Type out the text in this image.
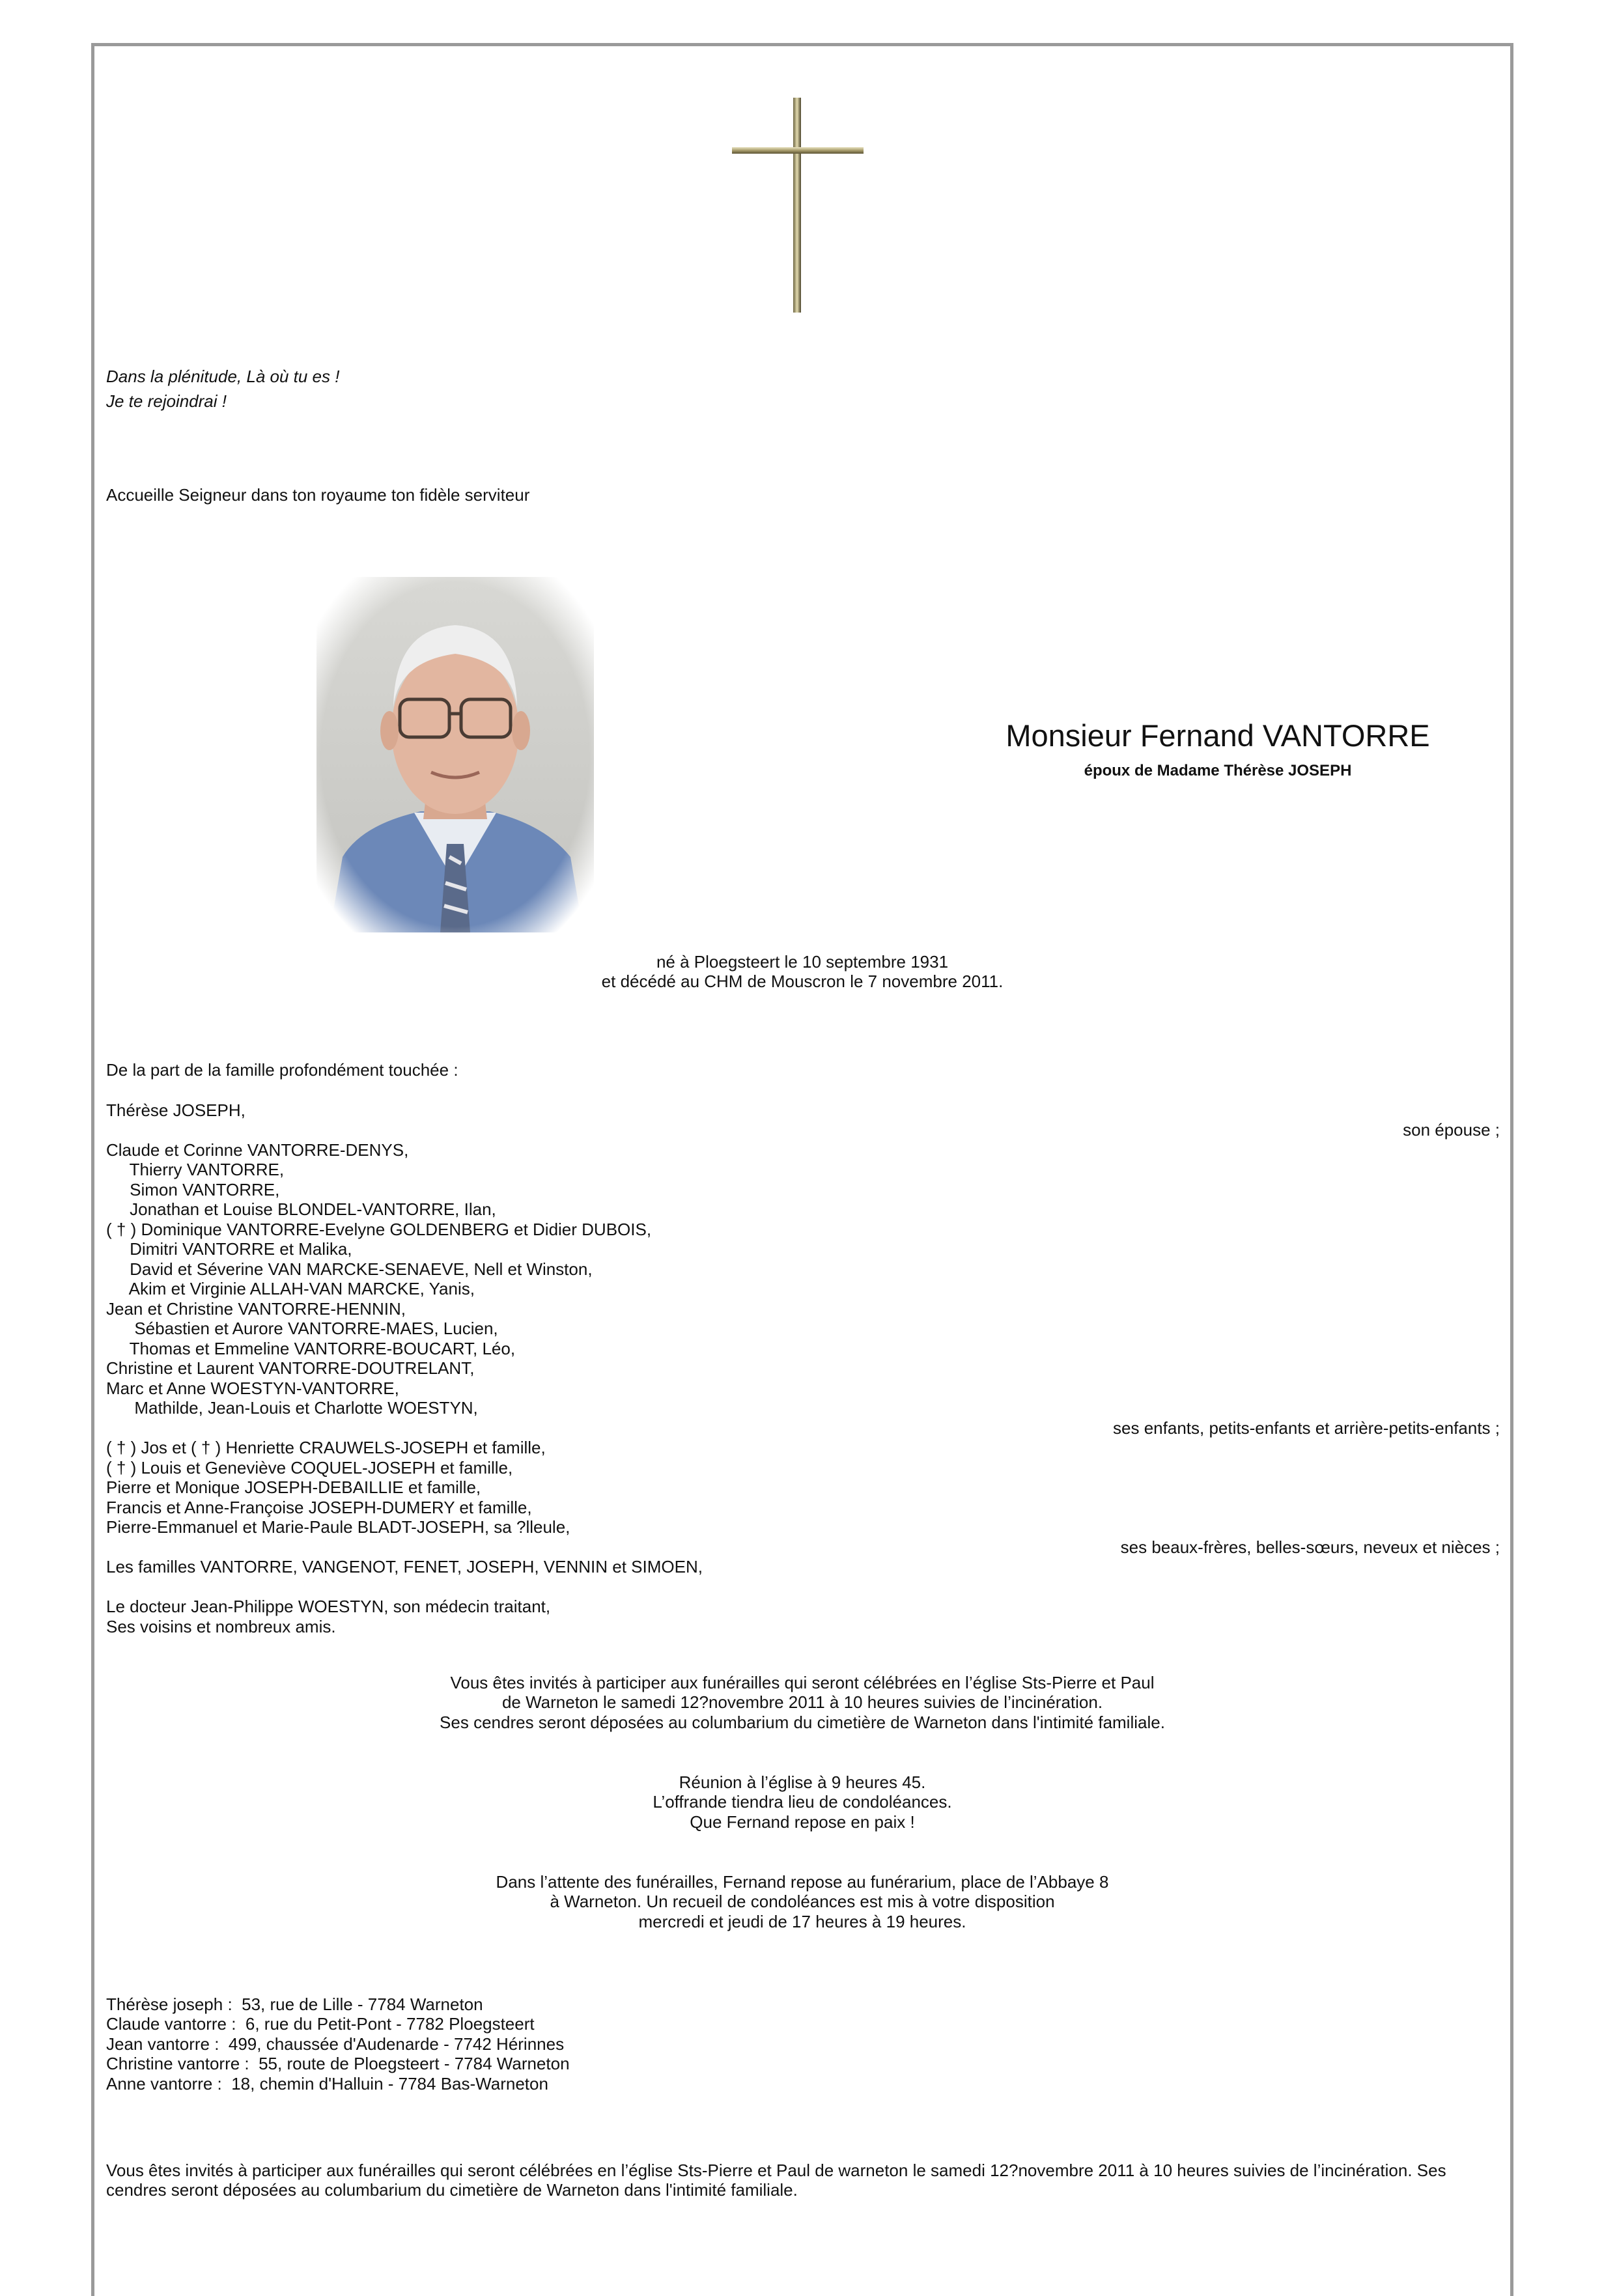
Dans la plénitude, Là où tu es !
Je te rejoindrai !
Accueille Seigneur dans ton royaume ton fidèle serviteur
Monsieur Fernand VANTORRE
époux de Madame Thérèse JOSEPH
né à Ploegsteert le 10 septembre 1931
et décédé au CHM de Mouscron le 7 novembre 2011.
De la part de la famille profondément touchée :
Thérèse JOSEPH,
son épouse ;
Claude et Corinne VANTORRE-DENYS,
Thierry VANTORRE,
Simon VANTORRE,
Jonathan et Louise BLONDEL-VANTORRE, Ilan,
( † ) Dominique VANTORRE-Evelyne GOLDENBERG et Didier DUBOIS,
Dimitri VANTORRE et Malika,
David et Séverine VAN MARCKE-SENAEVE, Nell et Winston,
Akim et Virginie ALLAH-VAN MARCKE, Yanis,
Jean et Christine VANTORRE-HENNIN,
Sébastien et Aurore VANTORRE-MAES, Lucien,
Thomas et Emmeline VANTORRE-BOUCART, Léo,
Christine et Laurent VANTORRE-DOUTRELANT,
Marc et Anne WOESTYN-VANTORRE,
Mathilde, Jean-Louis et Charlotte WOESTYN,
ses enfants, petits-enfants et arrière-petits-enfants ;
( † ) Jos et ( † ) Henriette CRAUWELS-JOSEPH et famille,
( † ) Louis et Geneviève COQUEL-JOSEPH et famille,
Pierre et Monique JOSEPH-DEBAILLIE et famille,
Francis et Anne-Françoise JOSEPH-DUMERY et famille,
Pierre-Emmanuel et Marie-Paule BLADT-JOSEPH, sa ?lleule,
ses beaux-frères, belles-sœurs, neveux et nièces ;
Les familles VANTORRE, VANGENOT, FENET, JOSEPH, VENNIN et SIMOEN,
Le docteur Jean-Philippe WOESTYN, son médecin traitant,
Ses voisins et nombreux amis.
Vous êtes invités à participer aux funérailles qui seront célébrées en l’église Sts-Pierre et Paul
de Warneton le samedi 12?novembre 2011 à 10 heures suivies de l’incinération.
Ses cendres seront déposées au columbarium du cimetière de Warneton dans l'intimité familiale.
Réunion à l’église à 9 heures 45.
L’offrande tiendra lieu de condoléances.
Que Fernand repose en paix !
Dans l’attente des funérailles, Fernand repose au funérarium, place de l’Abbaye 8
à Warneton. Un recueil de condoléances est mis à votre disposition
mercredi et jeudi de 17 heures à 19 heures.
Thérèse joseph :  53, rue de Lille - 7784 Warneton
Claude vantorre :  6, rue du Petit-Pont - 7782 Ploegsteert
Jean vantorre :  499, chaussée d'Audenarde - 7742 Hérinnes
Christine vantorre :  55, route de Ploegsteert - 7784 Warneton
Anne vantorre :  18, chemin d'Halluin - 7784 Bas-Warneton
Vous êtes invités à participer aux funérailles qui seront célébrées en l’église Sts-Pierre et Paul de warneton le samedi 12?novembre 2011 à 10 heures suivies de l’incinération. Ses
cendres seront déposées au columbarium du cimetière de Warneton dans l'intimité familiale.
